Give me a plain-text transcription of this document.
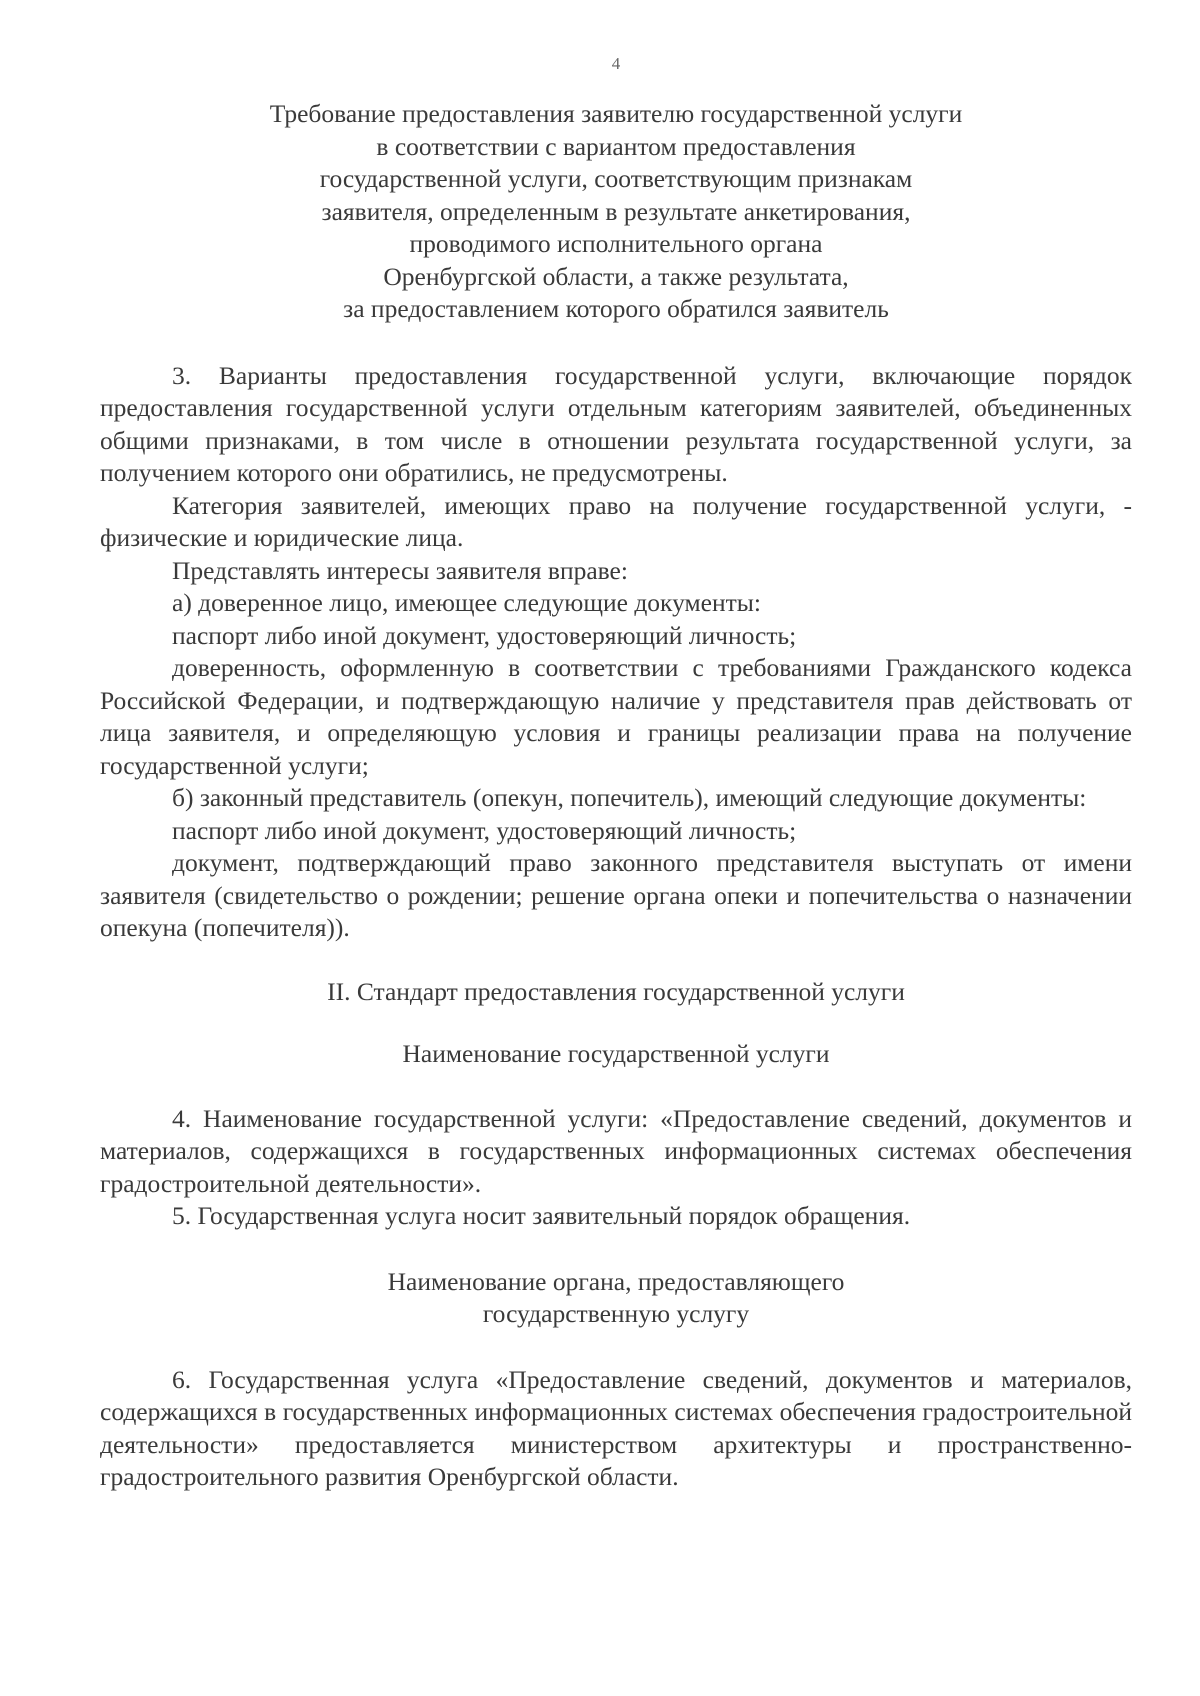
4
Требование предоставления заявителю государственной услуги
в соответствии с вариантом предоставления
государственной услуги, соответствующим признакам
заявителя, определенным в результате анкетирования,
проводимого исполнительного органа
Оренбургской области, а также результата,
за предоставлением которого обратился заявитель

3. Варианты предоставления государственной услуги, включающие порядок предоставления государственной услуги отдельным категориям заявителей, объединенных общими признаками, в том числе в отношении результата государственной услуги, за получением которого они обратились, не предусмотрены.

Категория заявителей, имеющих право на получение государственной услуги, - физические и юридические лица.

Представлять интересы заявителя вправе:

а) доверенное лицо, имеющее следующие документы:

паспорт либо иной документ, удостоверяющий личность;

доверенность, оформленную в соответствии с требованиями Гражданского кодекса Российской Федерации, и подтверждающую наличие у представителя прав действовать от лица заявителя, и определяющую условия и границы реализации права на получение государственной услуги;

б) законный представитель (опекун, попечитель), имеющий следующие документы:

паспорт либо иной документ, удостоверяющий личность;

документ, подтверждающий право законного представителя выступать от имени заявителя (свидетельство о рождении; решение органа опеки и попечительства о назначении опекуна (попечителя)).

II. Стандарт предоставления государственной услуги

Наименование государственной услуги

4. Наименование государственной услуги: «Предоставление сведений, документов и материалов, содержащихся в государственных информационных системах обеспечения градостроительной деятельности».

5. Государственная услуга носит заявительный порядок обращения.

Наименование органа, предоставляющего
государственную услугу

6. Государственная услуга «Предоставление сведений, документов и материалов, содержащихся в государственных информационных системах обеспечения градостроительной деятельности» предоставляется министерством архитектуры и пространственно-градостроительного развития Оренбургской области.
